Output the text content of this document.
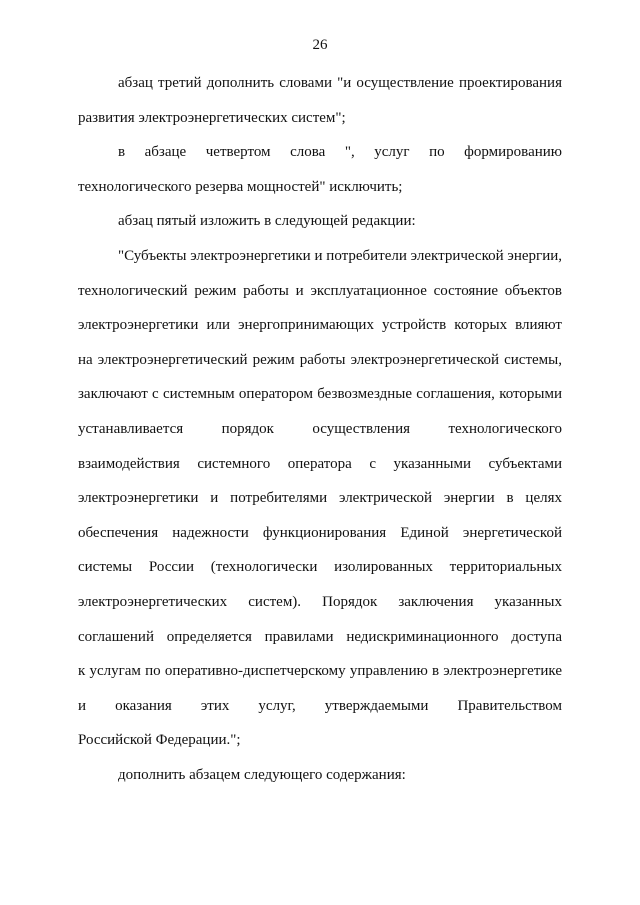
26
абзац третий дополнить словами "и осуществление проектирования
развития электроэнергетических систем";
в абзаце четвертом слова ", услуг по формированию
технологического резерва мощностей" исключить;
абзац пятый изложить в следующей редакции:
"Субъекты электроэнергетики и потребители электрической энергии,
технологический режим работы и эксплуатационное состояние объектов
электроэнергетики или энергопринимающих устройств которых влияют
на электроэнергетический режим работы электроэнергетической системы,
заключают с системным оператором безвозмездные соглашения, которыми
устанавливается порядок осуществления технологического
взаимодействия системного оператора с указанными субъектами
электроэнергетики и потребителями электрической энергии в целях
обеспечения надежности функционирования Единой энергетической
системы России (технологически изолированных территориальных
электроэнергетических систем). Порядок заключения указанных
соглашений определяется правилами недискриминационного доступа
к услугам по оперативно-диспетчерскому управлению в электроэнергетике
и оказания этих услуг, утверждаемыми Правительством
Российской Федерации.";
дополнить абзацем следующего содержания:
